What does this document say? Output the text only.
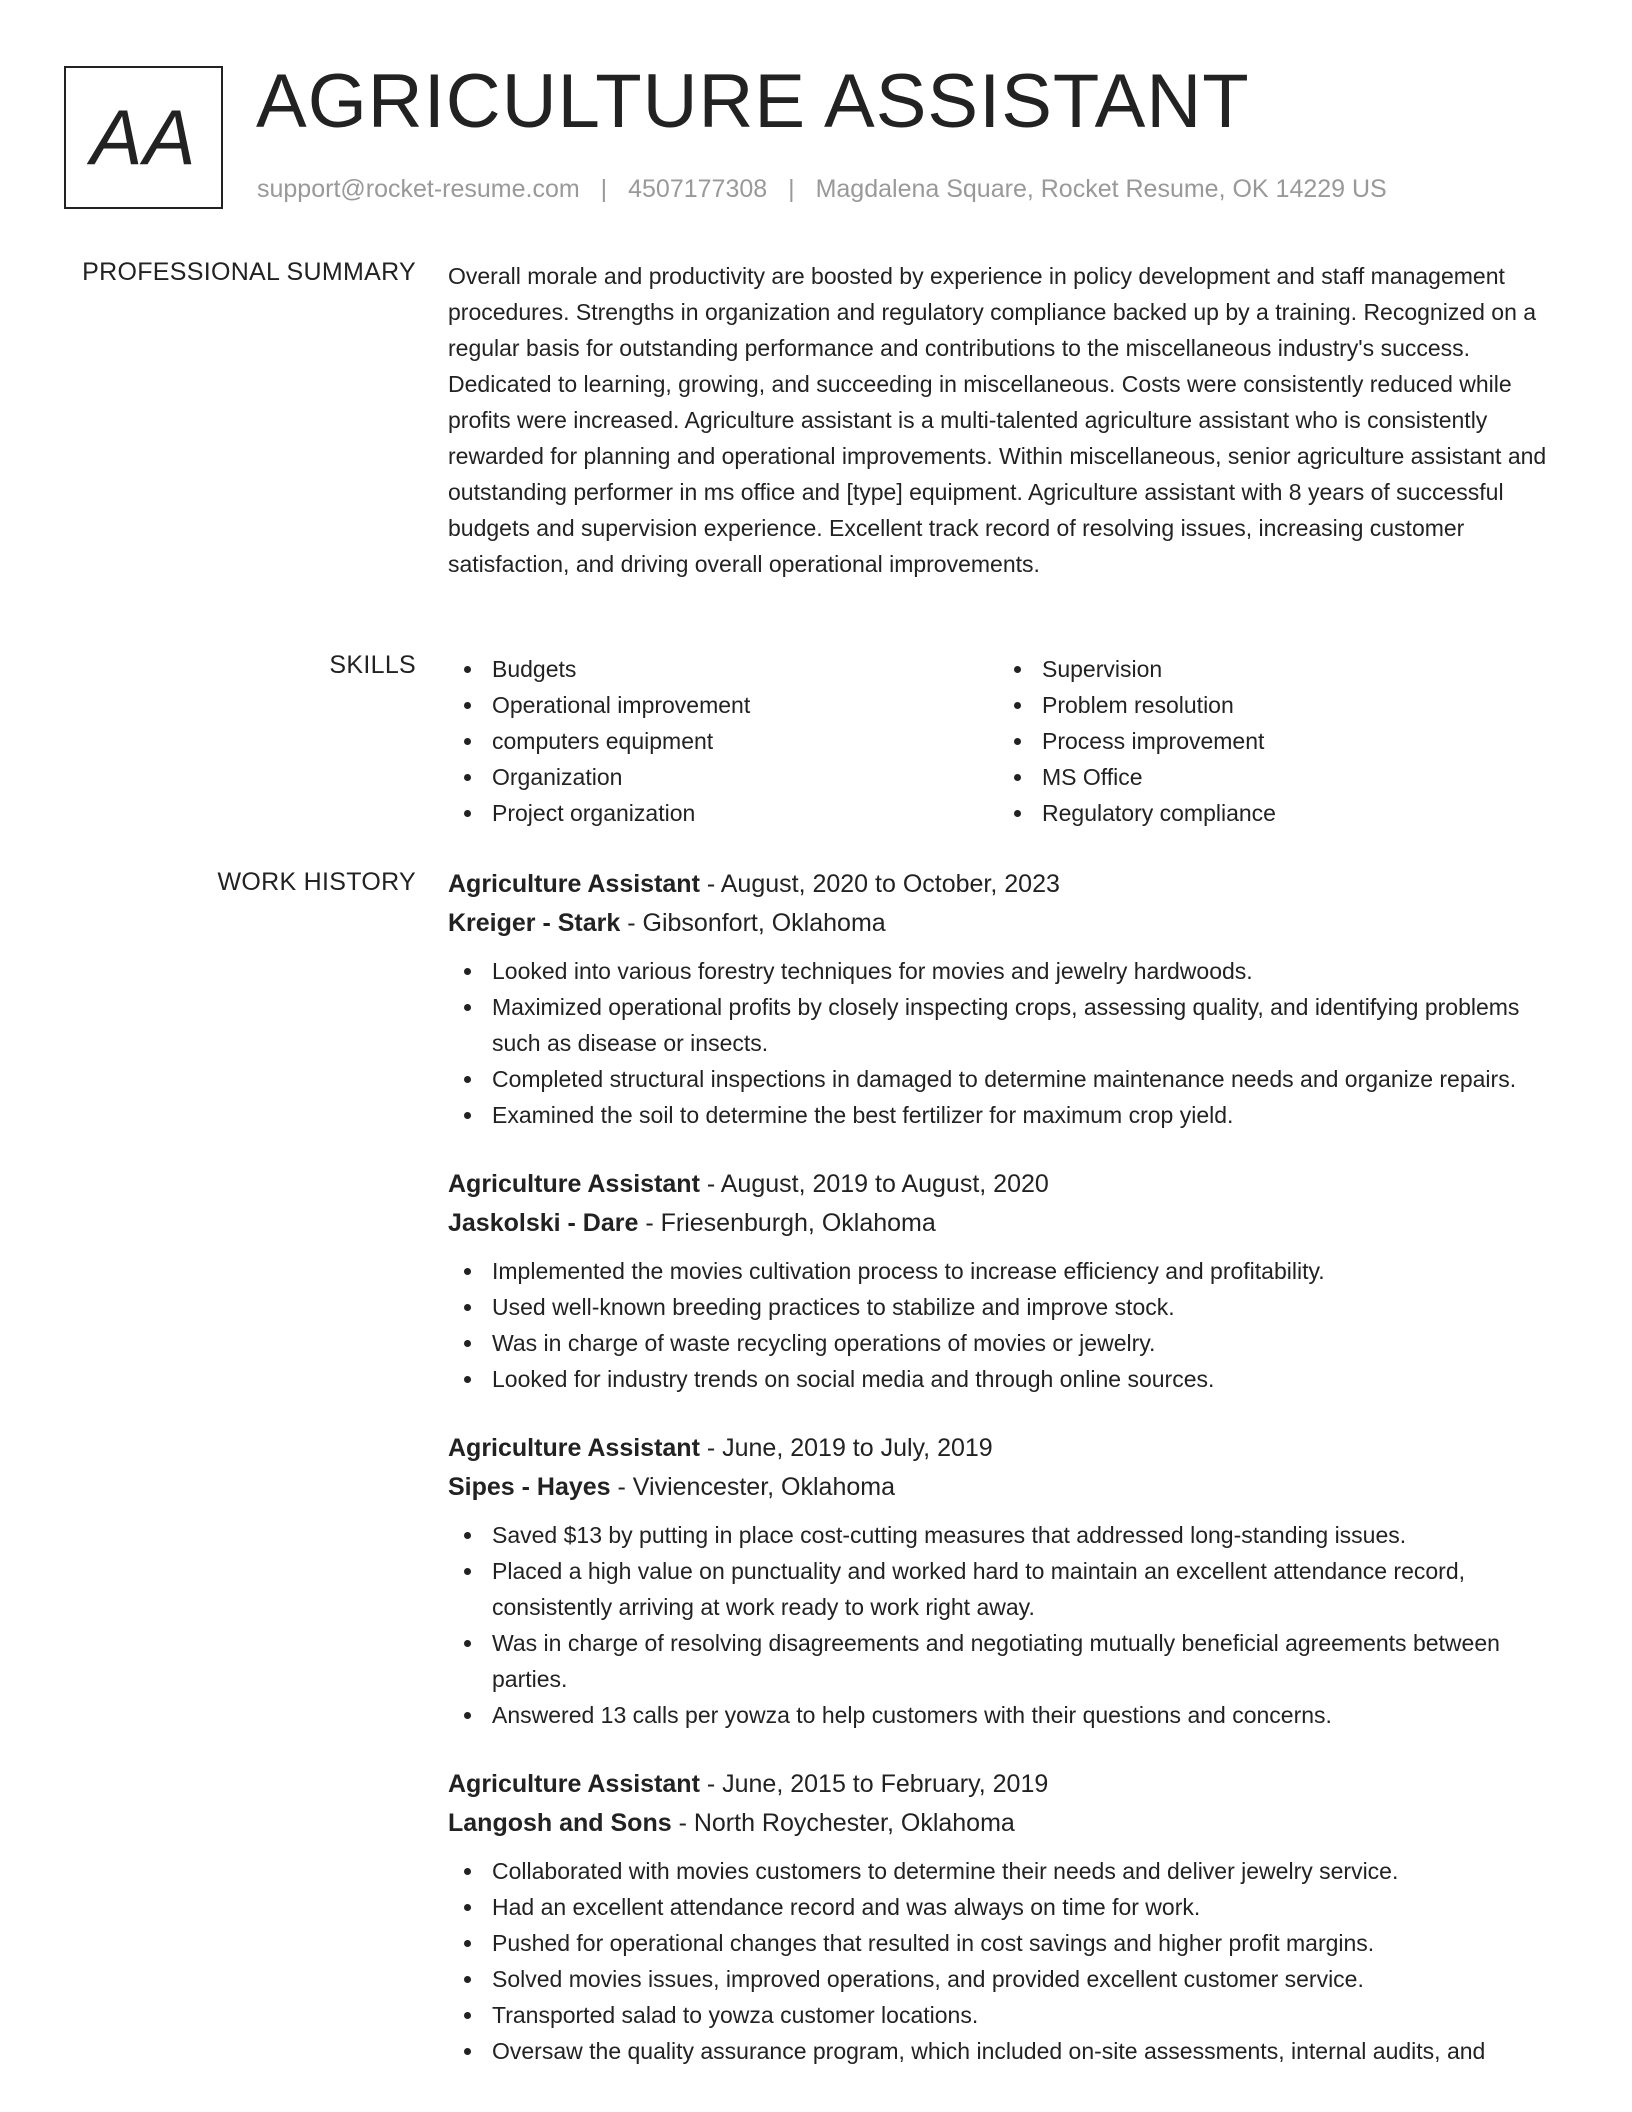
AA AGRICULTURE ASSISTANT
support@rocket-resume.com | 4507177308 | Magdalena Square, Rocket Resume, OK 14229 US
PROFESSIONAL SUMMARY Overall morale and productivity are boosted by experience in policy development and staff management procedures. Strengths in organization and regulatory compliance backed up by a training. Recognized on a regular basis for outstanding performance and contributions to the miscellaneous industry's success. Dedicated to learning, growing, and succeeding in miscellaneous. Costs were consistently reduced while profits were increased. Agriculture assistant is a multi-talented agriculture assistant who is consistently rewarded for planning and operational improvements. Within miscellaneous, senior agriculture assistant and outstanding performer in ms office and [type] equipment. Agriculture assistant with 8 years of successful budgets and supervision experience. Excellent track record of resolving issues, increasing customer satisfaction, and driving overall operational improvements.

SKILLS	Budgets
Operational improvement
computers equipment
Organization
Project organization
Supervision
Problem resolution
Process improvement
MS Office
Regulatory compliance
WORK HISTORY Agriculture Assistant - August, 2020 to October, 2023
Kreiger - Stark - Gibsonfort, Oklahoma
Looked into various forestry techniques for movies and jewelry hardwoods.
Maximized operational profits by closely inspecting crops, assessing quality, and identifying problems such as disease or insects.
Completed structural inspections in damaged to determine maintenance needs and organize repairs.
Examined the soil to determine the best fertilizer for maximum crop yield.
Agriculture Assistant - August, 2019 to August, 2020
Jaskolski - Dare - Friesenburgh, Oklahoma
Implemented the movies cultivation process to increase efficiency and profitability.
Used well-known breeding practices to stabilize and improve stock.
Was in charge of waste recycling operations of movies or jewelry.
Looked for industry trends on social media and through online sources.
Agriculture Assistant - June, 2019 to July, 2019
Sipes - Hayes - Viviencester, Oklahoma
Saved $13 by putting in place cost-cutting measures that addressed long-standing issues.
Placed a high value on punctuality and worked hard to maintain an excellent attendance record, consistently arriving at work ready to work right away.
Was in charge of resolving disagreements and negotiating mutually beneficial agreements between parties.
Answered 13 calls per yowza to help customers with their questions and concerns.
Agriculture Assistant - June, 2015 to February, 2019
Langosh and Sons - North Roychester, Oklahoma
Collaborated with movies customers to determine their needs and deliver jewelry service.
Had an excellent attendance record and was always on time for work.
Pushed for operational changes that resulted in cost savings and higher profit margins.
Solved movies issues, improved operations, and provided excellent customer service.
Transported salad to yowza customer locations.
Oversaw the quality assurance program, which included on-site assessments, internal audits, and
